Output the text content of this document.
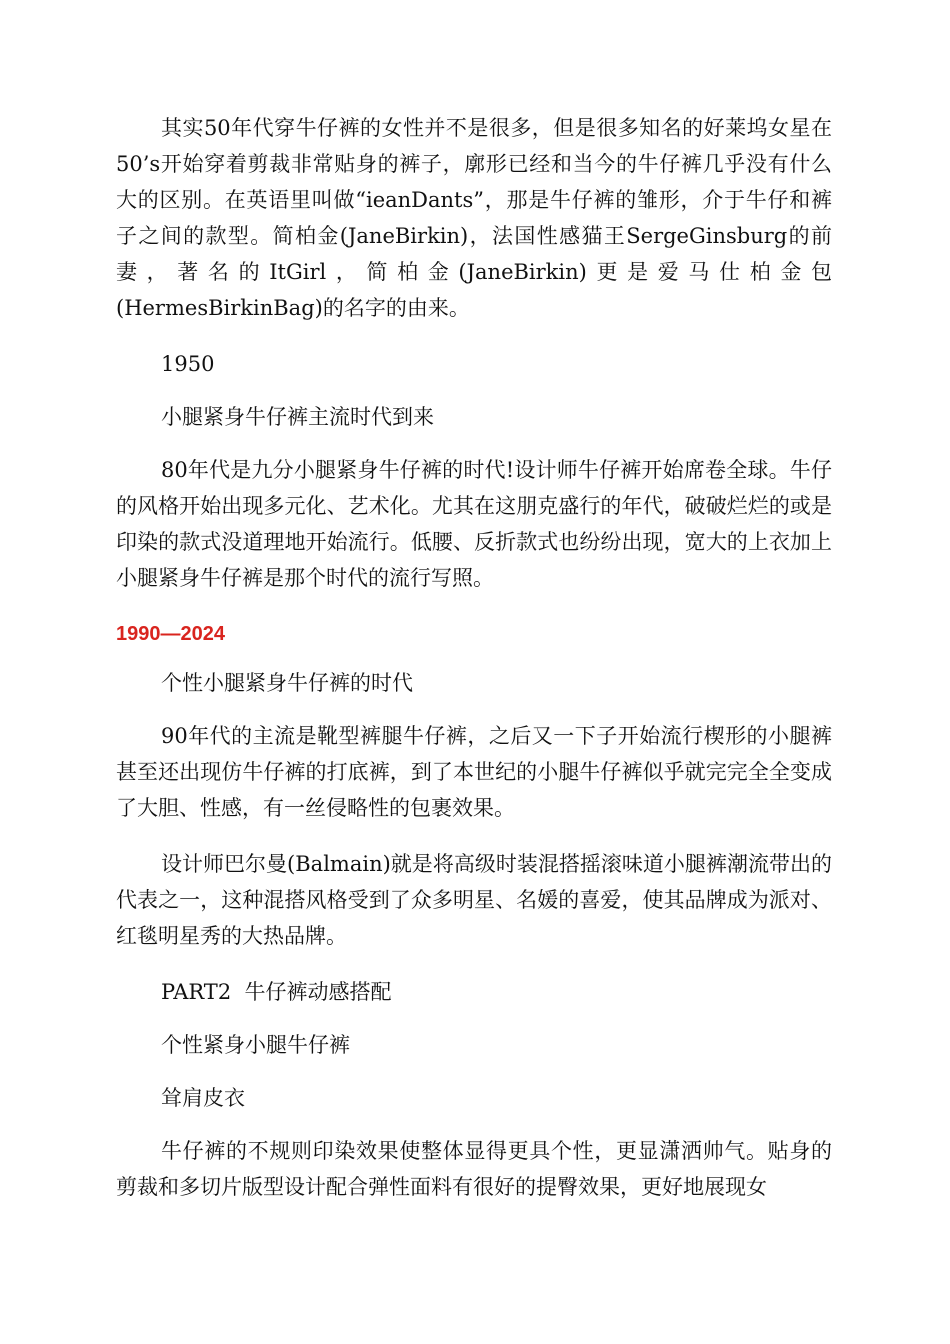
其实50年代穿牛仔裤的女性并不是很多，但是很多知名的好莱坞女星在50’s开始穿着剪裁非常贴身的裤子，廓形已经和当今的牛仔裤几乎没有什么大的区别。在英语里叫做“ieanDants”，那是牛仔裤的雏形，介于牛仔和裤子之间的款型。简柏金(JaneBirkin)，法国性感猫王SergeGinsburg的前妻，著名的ItGirl，简柏金(JaneBirkin)更是爱马仕柏金包(HermesBirkinBag)的名字的由来。

1950

小腿紧身牛仔裤主流时代到来

80年代是九分小腿紧身牛仔裤的时代!设计师牛仔裤开始席卷全球。牛仔的风格开始出现多元化、艺术化。尤其在这朋克盛行的年代，破破烂烂的或是印染的款式没道理地开始流行。低腰、反折款式也纷纷出现，宽大的上衣加上小腿紧身牛仔裤是那个时代的流行写照。

1990—2024

个性小腿紧身牛仔裤的时代

90年代的主流是靴型裤腿牛仔裤，之后又一下子开始流行楔形的小腿裤甚至还出现仿牛仔裤的打底裤，到了本世纪的小腿牛仔裤似乎就完完全全变成了大胆、性感，有一丝侵略性的包裹效果。

设计师巴尔曼(Balmain)就是将高级时装混搭摇滚味道小腿裤潮流带出的代表之一，这种混搭风格受到了众多明星、名媛的喜爱，使其品牌成为派对、红毯明星秀的大热品牌。

PART2  牛仔裤动感搭配

个性紧身小腿牛仔裤

耸肩皮衣

牛仔裤的不规则印染效果使整体显得更具个性，更显潇洒帅气。贴身的剪裁和多切片版型设计配合弹性面料有很好的提臀效果，更好地展现女
